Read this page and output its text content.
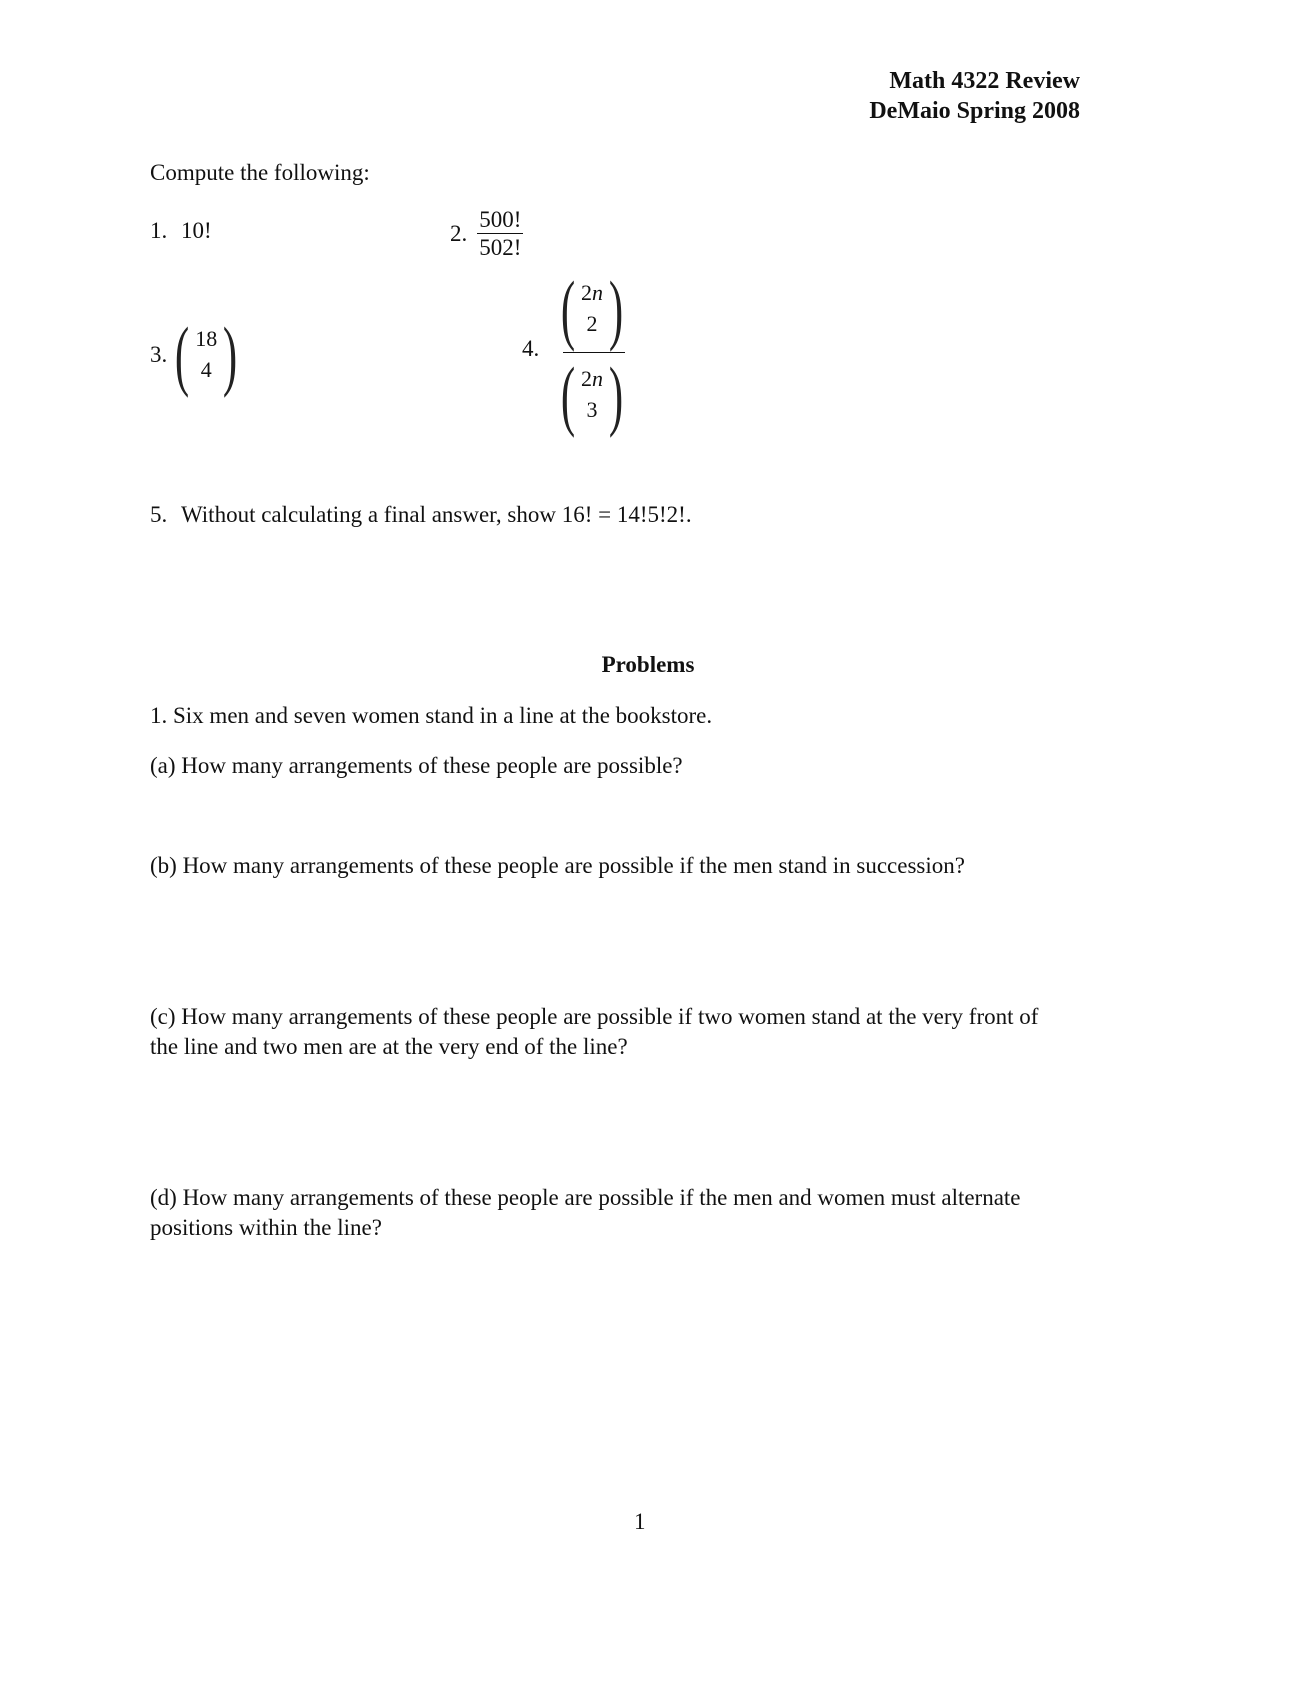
Math 4322 Review
DeMaio Spring 2008
Compute the following:
1. 10!	2. $\frac{500!}{502!}$
3. ( 18
4 )	4. ( 2n
2 )
( 2n
3 )
5. Without calculating a final answer, show 16! = 14!5!2!.
Problems
1. Six men and seven women stand in a line at the bookstore.
(a) How many arrangements of these people are possible?
(b) How many arrangements of these people are possible if the men stand in succession?
(c) How many arrangements of these people are possible if two women stand at the very front of
the line and two men are at the very end of the line?
(d) How many arrangements of these people are possible if the men and women must alternate
positions within the line?
1
